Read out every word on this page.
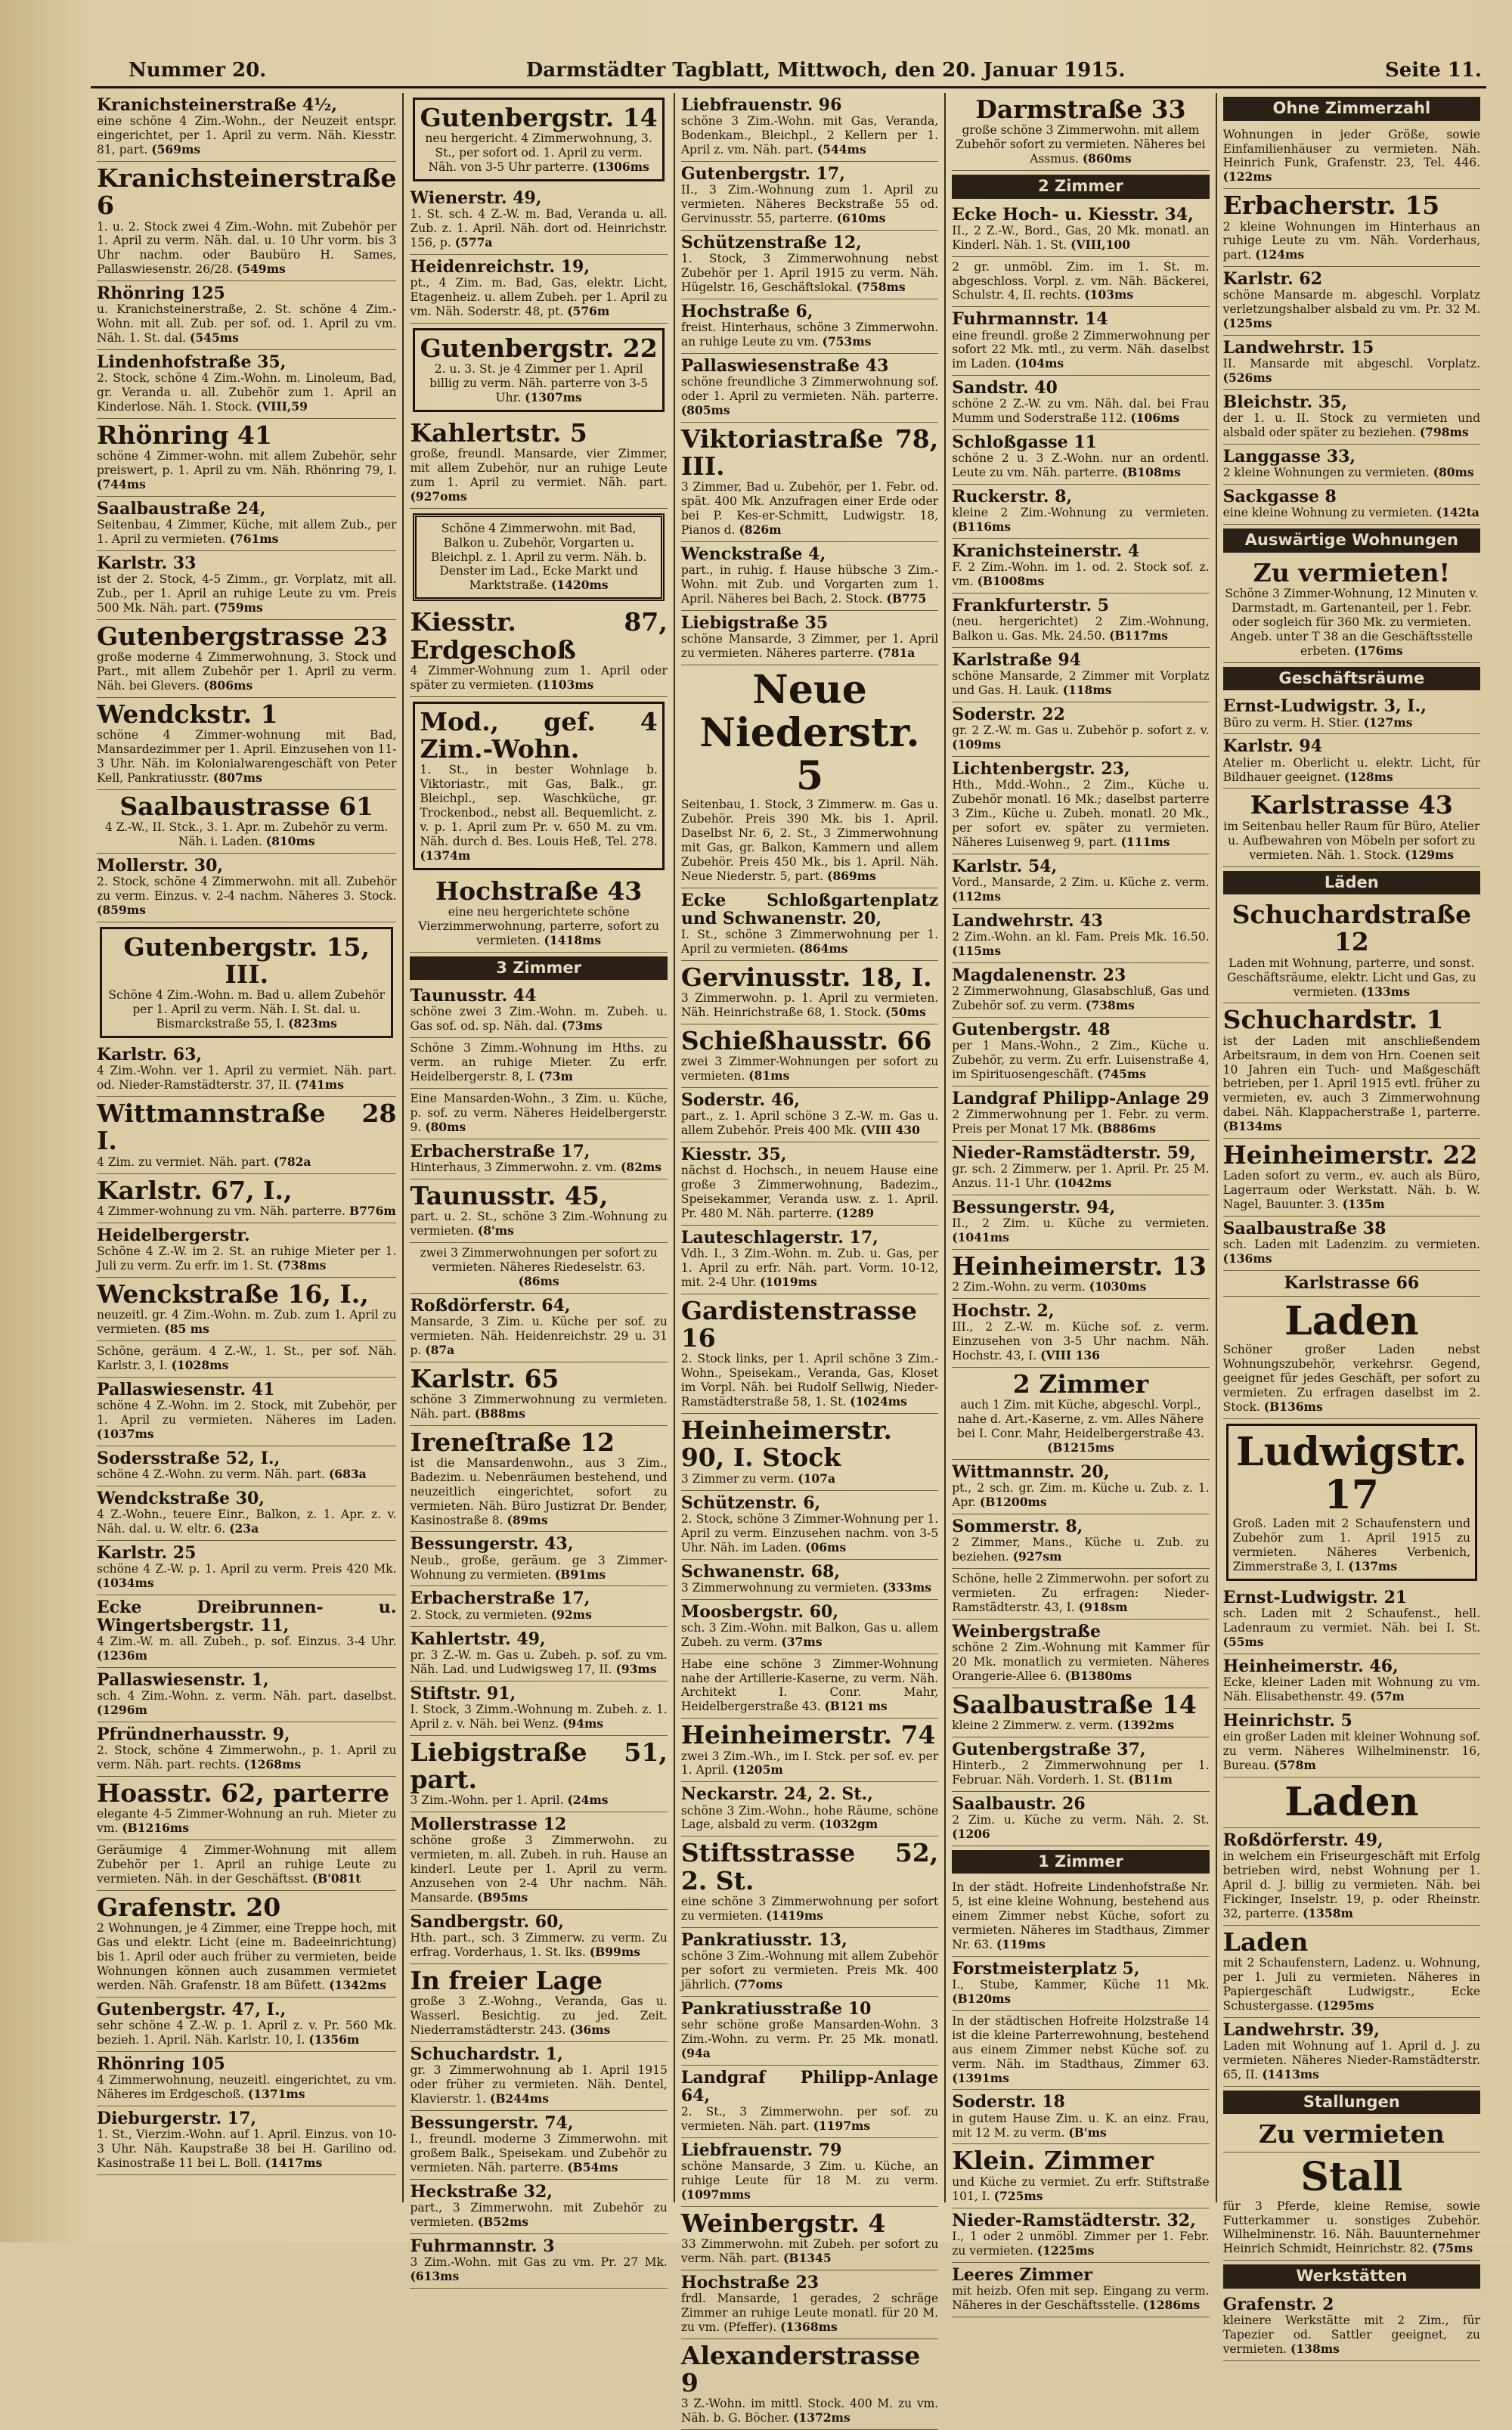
Nummer 20.	Darmstädter Tagblatt, Mittwoch, den 20. Januar 1915.	Seite 11.
Kranichsteinerstraße 4½,
eine schöne 4 Zim.-Wohn., der Neuzeit entspr. eingerichtet, per 1. April zu verm. Näh. Kiesstr. 81, part. (569ms
Kranichsteinerstraße 6
1. u. 2. Stock zwei 4 Zim.-Wohn. mit Zubehör per 1. April zu verm. Näh. dal. u. 10 Uhr vorm. bis 3 Uhr nachm. oder Baubüro H. Sames, Pallaswiesenstr. 26/28. (549ms
Rhönring 125
u. Kranichsteinerstraße, 2. St. schöne 4 Zim.-Wohn. mit all. Zub. per sof. od. 1. April zu vm. Näh. 1. St. dal. (545ms
Lindenhofstraße 35,
2. Stock, schöne 4 Zim.-Wohn. m. Linoleum, Bad, gr. Veranda u. all. Zubehör zum 1. April an Kinderlose. Näh. 1. Stock. (VIII,59
Rhönring 41
schöne 4 Zimmer-wohn. mit allem Zubehör, sehr preiswert, p. 1. April zu vm. Näh. Rhönring 79, I. (744ms
Saalbaustraße 24,
Seitenbau, 4 Zimmer, Küche, mit allem Zub., per 1. April zu vermieten. (761ms
Karlstr. 33
ist der 2. Stock, 4-5 Zimm., gr. Vorplatz, mit all. Zub., per 1. April an ruhige Leute zu vm. Preis 500 Mk. Näh. part. (759ms
Gutenbergstrasse 23
große moderne 4 Zimmerwohnung, 3. Stock und Part., mit allem Zubehör per 1. April zu verm. Näh. bei Glevers. (806ms
Wendckstr. 1
schöne 4 Zimmer-wohnung mit Bad, Mansardezimmer per 1. April. Einzusehen von 11-3 Uhr. Näh. im Kolonialwarengeschäft von Peter Kell, Pankratiusstr. (807ms
Saalbaustrasse 61
4 Z.-W., II. Stck., 3. 1. Apr. m. Zubehör zu verm. Näh. i. Laden. (810ms
Mollerstr. 30,
2. Stock, schöne 4 Zimmerwohn. mit all. Zubehör zu verm. Einzus. v. 2-4 nachm. Näheres 3. Stock. (859ms
Gutenbergstr. 15, III.
Schöne 4 Zim.-Wohn. m. Bad u. allem Zubehör per 1. April zu verm. Näh. I. St. dal. u. Bismarckstraße 55, I. (823ms
Karlstr. 63,
4 Zim.-Wohn. ver 1. April zu vermiet. Näh. part. od. Nieder-Ramstädterstr. 37, II. (741ms
Wittmannstraße 28 I.
4 Zim. zu vermiet. Näh. part. (782a
Karlstr. 67, I.,
4 Zimmer-wohnung zu vm. Näh. parterre. B776m
Heidelbergerstr.
Schöne 4 Z.-W. im 2. St. an ruhige Mieter per 1. Juli zu verm. Zu erfr. im 1. St. (738ms
Wenckstraße 16, I.,
neuzeitl. gr. 4 Zim.-Wohn. m. Zub. zum 1. April zu vermieten. (85 ms
Schöne, geräum. 4 Z.-W., 1. St., per sof. Näh. Karlstr. 3, I. (1028ms
Pallaswiesenstr. 41
schöne 4 Z.-Wohn. im 2. Stock, mit Zubehör, per 1. April zu vermieten. Näheres im Laden. (1037ms
Sodersstraße 52, I.,
schöne 4 Z.-Wohn. zu verm. Näh. part. (683a
Wendckstraße 30,
4 Z.-Wohn., teuere Einr., Balkon, z. 1. Apr. z. v. Näh. dal. u. W. eltr. 6. (23a
Karlstr. 25
schöne 4 Z.-W. p. 1. April zu verm. Preis 420 Mk. (1034ms
Ecke Dreibrunnen- u. Wingertsbergstr. 11,
4 Zim.-W. m. all. Zubeh., p. sof. Einzus. 3-4 Uhr. (1236m
Pallaswiesenstr. 1,
sch. 4 Zim.-Wohn. z. verm. Näh. part. daselbst. (1296m
Pfründnerhausstr. 9,
2. Stock, schöne 4 Zimmerwohn., p. 1. April zu verm. Näh. part. rechts. (1268ms
Hoasstr. 62, parterre
elegante 4-5 Zimmer-Wohnung an ruh. Mieter zu vm. (B1216ms
Geräumige 4 Zimmer-Wohnung mit allem Zubehör per 1. April an ruhige Leute zu vermieten. Näh. in der Geschäftsst. (B'081t
Grafenstr. 20
2 Wohnungen, je 4 Zimmer, eine Treppe hoch, mit Gas und elektr. Licht (eine m. Badeeinrichtung) bis 1. April oder auch früher zu vermieten, beide Wohnungen können auch zusammen vermietet werden. Näh. Grafenstr. 18 am Büfett. (1342ms
Gutenbergstr. 47, I.,
sehr schöne 4 Z.-W. p. 1. April z. v. Pr. 560 Mk. bezieh. 1. April. Näh. Karlstr. 10, I. (1356m
Rhönring 105
4 Zimmerwohnung, neuzeitl. eingerichtet, zu vm. Näheres im Erdgeschoß. (1371ms
Dieburgerstr. 17,
1. St., Vierzim.-Wohn. auf 1. April. Einzus. von 10-3 Uhr. Näh. Kaupstraße 38 bei H. Garilino od. Kasinostraße 11 bei L. Boll. (1417ms
Gutenbergstr. 14
neu hergericht. 4 Zimmerwohnung, 3. St., per sofort od. 1. April zu verm. Näh. von 3-5 Uhr parterre. (1306ms
Wienerstr. 49,
1. St. sch. 4 Z.-W. m. Bad, Veranda u. all. Zub. z. 1. April. Näh. dort od. Heinrichstr. 156, p. (577a
Heidenreichstr. 19,
pt., 4 Zim. m. Bad, Gas, elektr. Licht, Etagenheiz. u. allem Zubeh. per 1. April zu vm. Näh. Soderstr. 48, pt. (576m
Gutenbergstr. 22
2. u. 3. St. je 4 Zimmer per 1. April billig zu verm. Näh. parterre von 3-5 Uhr. (1307ms
Kahlertstr. 5
große, freundl. Mansarde, vier Zimmer, mit allem Zubehör, nur an ruhige Leute zum 1. April zu vermiet. Näh. part. (927oms
Schöne 4 Zimmerwohn. mit Bad, Balkon u. Zubehör, Vorgarten u. Bleichpl. z. 1. April zu verm. Näh. b. Denster im Lad., Ecke Markt und Marktstraße. (1420ms
Kiesstr. 87, Erdgeschoß
4 Zimmer-Wohnung zum 1. April oder später zu vermieten. (1103ms
Mod., gef. 4 Zim.-Wohn.
1. St., in bester Wohnlage b. Viktoriastr., mit Gas, Balk., gr. Bleichpl., sep. Waschküche, gr. Trockenbod., nebst all. Bequemlicht. z. v. p. 1. April zum Pr. v. 650 M. zu vm. Näh. durch d. Bes. Louis Heß, Tel. 278. (1374m
Hochstraße 43
eine neu hergerichtete schöne Vierzimmerwohnung, parterre, sofort zu vermieten. (1418ms
3 Zimmer
Taunusstr. 44
schöne zwei 3 Zim.-Wohn. m. Zubeh. u. Gas sof. od. sp. Näh. dal. (73ms
Schöne 3 Zimm.-Wohnung im Hths. zu verm. an ruhige Mieter. Zu erfr. Heidelbergerstr. 8, I. (73m
Eine Mansarden-Wohn., 3 Zim. u. Küche, p. sof. zu verm. Näheres Heidelbergerstr. 9. (80ms
Erbacherstraße 17,
Hinterhaus, 3 Zimmerwohn. z. vm. (82ms
Taunusstr. 45,
part. u. 2. St., schöne 3 Zim.-Wohnung zu vermieten. (8'ms
zwei 3 Zimmerwohnungen per sofort zu vermieten. Näheres Riedeselstr. 63. (86ms
Roßdörferstr. 64,
Mansarde, 3 Zim. u. Küche per sof. zu vermieten. Näh. Heidenreichstr. 29 u. 31 p. (87a
Karlstr. 65
schöne 3 Zimmerwohnung zu vermieten. Näh. part. (B88ms
Ireneſtraße 12
ist die Mansardenwohn., aus 3 Zim., Badezim. u. Nebenräumen bestehend, und neuzeitlich eingerichtet, sofort zu vermieten. Näh. Büro Justizrat Dr. Bender, Kasinostraße 8. (89ms
Bessungerstr. 43,
Neub., große, geräum. ge 3 Zimmer-Wohnung zu vermieten. (B91ms
Erbacherstraße 17,
2. Stock, zu vermieten. (92ms
Kahlertstr. 49,
pr. 3 Z.-W. m. Gas u. Zubeh. p. sof. zu vm. Näh. Lad. und Ludwigsweg 17, II. (93ms
Stiftstr. 91,
I. Stock, 3 Zimm.-Wohnung m. Zubeh. z. 1. April z. v. Näh. bei Wenz. (94ms
Liebigstraße 51, part.
3 Zim.-Wohn. per 1. April. (24ms
Mollerstrasse 12
schöne große 3 Zimmerwohn. zu vermieten, m. all. Zubeh. in ruh. Hause an kinderl. Leute per 1. April zu verm. Anzusehen von 2-4 Uhr nachm. Näh. Mansarde. (B95ms
Sandbergstr. 60,
Hth. part., sch. 3 Zimmerw. zu verm. Zu erfrag. Vorderhaus, 1. St. lks. (B99ms
In freier Lage
große 3 Z.-Wohng., Veranda, Gas u. Wasserl. Besichtig. zu jed. Zeit. Niederramstädterstr. 243. (36ms
Schuchardstr. 1,
gr. 3 Zimmerwohnung ab 1. April 1915 oder früher zu vermieten. Näh. Dentel, Klavierstr. 1. (B244ms
Bessungerstr. 74,
I., freundl. moderne 3 Zimmerwohn. mit großem Balk., Speisekam. und Zubehör zu vermieten. Näh. parterre. (B54ms
Heckstraße 32,
part., 3 Zimmerwohn. mit Zubehör zu vermieten. (B52ms
Fuhrmannstr. 3
3 Zim.-Wohn. mit Gas zu vm. Pr. 27 Mk. (613ms
Liebfrauenstr. 96
schöne 3 Zim.-Wohn. mit Gas, Veranda, Bodenkam., Bleichpl., 2 Kellern per 1. April z. vm. Näh. part. (544ms
Gutenbergstr. 17,
II., 3 Zim.-Wohnung zum 1. April zu vermieten. Näheres Beckstraße 55 od. Gervinusstr. 55, parterre. (610ms
Schützenstraße 12,
1. Stock, 3 Zimmerwohnung nebst Zubehör per 1. April 1915 zu verm. Näh. Hügelstr. 16, Geschäftslokal. (758ms
Hochstraße 6,
freist. Hinterhaus, schöne 3 Zimmerwohn. an ruhige Leute zu vm. (753ms
Pallaswiesenstraße 43
schöne freundliche 3 Zimmerwohnung sof. oder 1. April zu vermieten. Näh. parterre. (805ms
Viktoriastraße 78, III.
3 Zimmer, Bad u. Zubehör, per 1. Febr. od. spät. 400 Mk. Anzufragen einer Erde oder bei P. Kes-er-Schmitt, Ludwigstr. 18, Pianos d. (826m
Wenckstraße 4,
part., in ruhig. f. Hause hübsche 3 Zim.-Wohn. mit Zub. und Vorgarten zum 1. April. Näheres bei Bach, 2. Stock. (B775
Liebigstraße 35
schöne Mansarde, 3 Zimmer, per 1. April zu vermieten. Näheres parterre. (781a
Neue Niederstr. 5
Seitenbau, 1. Stock, 3 Zimmerw. m. Gas u. Zubehör. Preis 390 Mk. bis 1. April. Daselbst Nr. 6, 2. St., 3 Zimmerwohnung mit Gas, gr. Balkon, Kammern und allem Zubehör. Preis 450 Mk., bis 1. April. Näh. Neue Niederstr. 5, part. (869ms
Ecke Schloßgartenplatz und Schwanenstr. 20,
I. St., schöne 3 Zimmerwohnung per 1. April zu vermieten. (864ms
Gervinusstr. 18, I.
3 Zimmerwohn. p. 1. April zu vermieten. Näh. Heinrichstraße 68, 1. Stock. (50ms
Schießhausstr. 66
zwei 3 Zimmer-Wohnungen per sofort zu vermieten. (81ms
Soderstr. 46,
part., z. 1. April schöne 3 Z.-W. m. Gas u. allem Zubehör. Preis 400 Mk. (VIII 430
Kiesstr. 35,
nächst d. Hochsch., in neuem Hause eine große 3 Zimmerwohnung, Badezim., Speisekammer, Veranda usw. z. 1. April. Pr. 480 M. Näh. parterre. (1289
Lauteschlagerstr. 17,
Vdh. I., 3 Zim.-Wohn. m. Zub. u. Gas, per 1. April zu erfr. Näh. part. Vorm. 10-12, mit. 2-4 Uhr. (1019ms
Gardistenstrasse 16
2. Stock links, per 1. April schöne 3 Zim.-Wohn., Speisekam., Veranda, Gas, Kloset im Vorpl. Näh. bei Rudolf Sellwig, Nieder-Ramstädterstraße 58, 1. St. (1024ms
Heinheimerstr. 90, I. Stock
3 Zimmer zu verm. (107a
Schützenstr. 6,
2. Stock, schöne 3 Zimmer-Wohnung per 1. April zu verm. Einzusehen nachm. von 3-5 Uhr. Näh. im Laden. (06ms
Schwanenstr. 68,
3 Zimmerwohnung zu vermieten. (333ms
Moosbergstr. 60,
sch. 3 Zim.-Wohn. mit Balkon, Gas u. allem Zubeh. zu verm. (37ms
Habe eine schöne 3 Zimmer-Wohnung nahe der Artillerie-Kaserne, zu verm. Näh. Architekt I. Conr. Mahr, Heidelbergerstraße 43. (B121 ms
Heinheimerstr. 74
zwei 3 Zim.-Wh., im I. Stck. per sof. ev. per 1. April. (1205m
Neckarstr. 24, 2. St.,
schöne 3 Zim.-Wohn., hohe Räume, schöne Lage, alsbald zu verm. (1032gm
Stiftsstrasse 52, 2. St.
eine schöne 3 Zimmerwohnung per sofort zu vermieten. (1419ms
Pankratiusstr. 13,
schöne 3 Zim.-Wohnung mit allem Zubehör per sofort zu vermieten. Preis Mk. 400 jährlich. (77oms
Pankratiusstraße 10
sehr schöne große Mansarden-Wohn. 3 Zim.-Wohn. zu verm. Pr. 25 Mk. monatl. (94a
Landgraf Philipp-Anlage 64,
2. St., 3 Zimmerwohn. per sof. zu vermieten. Näh. part. (1197ms
Liebfrauenstr. 79
schöne Mansarde, 3 Zim. u. Küche, an ruhige Leute für 18 M. zu verm. (1097mms
Weinbergstr. 4
33 Zimmerwohn. mit Zubeh. per sofort zu verm. Näh. part. (B1345
Hochstraße 23
frdl. Mansarde, 1 gerades, 2 schräge Zimmer an ruhige Leute monatl. für 20 M. zu vm. (Pfeffer). (1368ms
Alexanderstrasse 9
3 Z.-Wohn. im mittl. Stock. 400 M. zu vm. Näh. b. G. Böcher. (1372ms
Darmstraße 33
große schöne 3 Zimmerwohn. mit allem Zubehör sofort zu vermieten. Näheres bei Assmus. (860ms
2 Zimmer
Ecke Hoch- u. Kiesstr. 34,
II., 2 Z.-W., Bord., Gas, 20 Mk. monatl. an Kinderl. Näh. 1. St. (VIII,100
2 gr. unmöbl. Zim. im 1. St. m. abgeschloss. Vorpl. z. vm. Näh. Bäckerei, Schulstr. 4, II. rechts. (103ms
Fuhrmannstr. 14
eine freundl. große 2 Zimmerwohnung per sofort 22 Mk. mtl., zu verm. Näh. daselbst im Laden. (104ms
Sandstr. 40
schöne 2 Z.-W. zu vm. Näh. dal. bei Frau Mumm und Soderstraße 112. (106ms
Schloßgasse 11
schöne 2 u. 3 Z.-Wohn. nur an ordentl. Leute zu vm. Näh. parterre. (B108ms
Ruckerstr. 8,
kleine 2 Zim.-Wohnung zu vermieten. (B116ms
Kranichsteinerstr. 4
F. 2 Zim.-Wohn. im 1. od. 2. Stock sof. z. vm. (B1008ms
Frankfurterstr. 5
(neu. hergerichtet) 2 Zim.-Wohnung, Balkon u. Gas. Mk. 24.50. (B117ms
Karlstraße 94
schöne Mansarde, 2 Zimmer mit Vorplatz und Gas. H. Lauk. (118ms
Soderstr. 22
gr. 2 Z.-W. m. Gas u. Zubehör p. sofort z. v. (109ms
Lichtenbergstr. 23,
Hth., Mdd.-Wohn., 2 Zim., Küche u. Zubehör monatl. 16 Mk.; daselbst parterre 3 Zim., Küche u. Zubeh. monatl. 20 Mk., per sofort ev. später zu vermieten. Näheres Luisenweg 9, part. (111ms
Karlstr. 54,
Vord., Mansarde, 2 Zim. u. Küche z. verm. (112ms
Landwehrstr. 43
2 Zim.-Wohn. an kl. Fam. Preis Mk. 16.50. (115ms
Magdalenenstr. 23
2 Zimmerwohnung, Glasabschluß, Gas und Zubehör sof. zu verm. (738ms
Gutenbergstr. 48
per 1 Mans.-Wohn., 2 Zim., Küche u. Zubehör, zu verm. Zu erfr. Luisenstraße 4, im Spirituosengeschäft. (745ms
Landgraf Philipp-Anlage 29
2 Zimmerwohnung per 1. Febr. zu verm. Preis per Monat 17 Mk. (B886ms
Nieder-Ramstädterstr. 59,
gr. sch. 2 Zimmerw. per 1. April. Pr. 25 M. Anzus. 11-1 Uhr. (1042ms
Bessungerstr. 94,
II., 2 Zim. u. Küche zu vermieten. (1041ms
Heinheimerstr. 13
2 Zim.-Wohn. zu verm. (1030ms
Hochstr. 2,
III., 2 Z.-W. m. Küche sof. z. verm. Einzusehen von 3-5 Uhr nachm. Näh. Hochstr. 43, I. (VIII 136
2 Zimmer
auch 1 Zim. mit Küche, abgeschl. Vorpl., nahe d. Art.-Kaserne, z. vm. Alles Nähere bei I. Conr. Mahr, Heidelbergerstraße 43. (B1215ms
Wittmannstr. 20,
pt., 2 sch. gr. Zim. m. Küche u. Zub. z. 1. Apr. (B1200ms
Sommerstr. 8,
2 Zimmer, Mans., Küche u. Zub. zu beziehen. (927sm
Schöne, helle 2 Zimmerwohn. per sofort zu vermieten. Zu erfragen: Nieder-Ramstädterstr. 43, I. (918sm
Weinbergstraße
schöne 2 Zim.-Wohnung mit Kammer für 20 Mk. monatlich zu vermieten. Näheres Orangerie-Allee 6. (B1380ms
Saalbaustraße 14
kleine 2 Zimmerw. z. verm. (1392ms
Gutenbergstraße 37,
Hinterb., 2 Zimmerwohnung per 1. Februar. Näh. Vorderh. 1. St. (B11m
Saalbaustr. 26
2 Zim. u. Küche zu verm. Näh. 2. St. (1206
1 Zimmer
In der städt. Hofreite Lindenhofstraße Nr. 5, ist eine kleine Wohnung, bestehend aus einem Zimmer nebst Küche, sofort zu vermieten. Näheres im Stadthaus, Zimmer Nr. 63. (119ms
Forstmeisterplatz 5,
I., Stube, Kammer, Küche 11 Mk. (B120ms
In der städtischen Hofreite Holzstraße 14 ist die kleine Parterrewohnung, bestehend aus einem Zimmer nebst Küche sof. zu verm. Näh. im Stadthaus, Zimmer 63. (1391ms
Soderstr. 18
in gutem Hause Zim. u. K. an einz. Frau, mit 12 M. zu verm. (B'ms
Klein. Zimmer
und Küche zu vermiet. Zu erfr. Stiftstraße 101, I. (725ms
Nieder-Ramstädterstr. 32,
I., 1 oder 2 unmöbl. Zimmer per 1. Febr. zu vermieten. (1225ms
Leeres Zimmer
mit heizb. Ofen mit sep. Eingang zu verm. Näheres in der Geschäftsstelle. (1286ms
Ohne Zimmerzahl
Wohnungen in jeder Größe, sowie Einfamilienhäuser zu vermieten. Näh. Heinrich Funk, Grafenstr. 23, Tel. 446. (122ms
Erbacherstr. 15
2 kleine Wohnungen im Hinterhaus an ruhige Leute zu vm. Näh. Vorderhaus, part. (124ms
Karlstr. 62
schöne Mansarde m. abgeschl. Vorplatz verletzungshalber alsbald zu vm. Pr. 32 M. (125ms
Landwehrstr. 15
II. Mansarde mit abgeschl. Vorplatz. (526ms
Bleichstr. 35,
der 1. u. II. Stock zu vermieten und alsbald oder später zu beziehen. (798ms
Langgasse 33,
2 kleine Wohnungen zu vermieten. (80ms
Sackgasse 8
eine kleine Wohnung zu vermieten. (142ta
Auswärtige Wohnungen
Zu vermieten!
Schöne 3 Zimmer-Wohnung, 12 Minuten v. Darmstadt, m. Gartenanteil, per 1. Febr. oder sogleich für 360 Mk. zu vermieten. Angeb. unter T 38 an die Geschäftsstelle erbeten. (176ms
Geschäftsräume
Ernst-Ludwigstr. 3, I.,
Büro zu verm. H. Stier. (127ms
Karlstr. 94
Atelier m. Oberlicht u. elektr. Licht, für Bildhauer geeignet. (128ms
Karlstrasse 43
im Seitenbau heller Raum für Büro, Atelier u. Aufbewahren von Möbeln per sofort zu vermieten. Näh. 1. Stock. (129ms
Läden
Schuchardstraße 12
Laden mit Wohnung, parterre, und sonst. Geschäftsräume, elektr. Licht und Gas, zu vermieten. (133ms
Schuchardstr. 1
ist der Laden mit anschließendem Arbeitsraum, in dem von Hrn. Coenen seit 10 Jahren ein Tuch- und Maßgeschäft betrieben, per 1. April 1915 evtl. früher zu vermieten, ev. auch 3 Zimmerwohnung dabei. Näh. Klappacherstraße 1, parterre. (B134ms
Heinheimerstr. 22
Laden sofort zu verm., ev. auch als Büro, Lagerraum oder Werkstatt. Näh. b. W. Nagel, Bauunter. 3. (135m
Saalbaustraße 38
sch. Laden mit Ladenzim. zu vermieten. (136ms
Karlstrasse 66
Laden
Schöner großer Laden nebst Wohnungszubehör, verkehrsr. Gegend, geeignet für jedes Geschäft, per sofort zu vermieten. Zu erfragen daselbst im 2. Stock. (B136ms
Ludwigstr. 17
Groß. Laden mit 2 Schaufenstern und Zubehör zum 1. April 1915 zu vermieten. Näheres Verbenich, Zimmerstraße 3, I. (137ms
Ernst-Ludwigstr. 21
sch. Laden mit 2 Schaufenst., hell. Ladenraum zu vermiet. Näh. bei I. St. (55ms
Heinheimerstr. 46,
Ecke, kleiner Laden mit Wohnung zu vm. Näh. Elisabethenstr. 49. (57m
Heinrichstr. 5
ein großer Laden mit kleiner Wohnung sof. zu verm. Näheres Wilhelminenstr. 16, Bureau. (578m
Laden
Roßdörferstr. 49,
in welchem ein Friseurgeschäft mit Erfolg betrieben wird, nebst Wohnung per 1. April d. J. billig zu vermieten. Näh. bei Fickinger, Inselstr. 19, p. oder Rheinstr. 32, parterre. (1358m
Laden
mit 2 Schaufenstern, Ladenz. u. Wohnung, per 1. Juli zu vermieten. Näheres in Papiergeschäft Ludwigstr., Ecke Schustergasse. (1295ms
Landwehrstr. 39,
Laden mit Wohnung auf 1. April d. J. zu vermieten. Näheres Nieder-Ramstädterstr. 65, II. (1413ms
Stallungen
Zu vermieten
Stall
für 3 Pferde, kleine Remise, sowie Futterkammer u. sonstiges Zubehör. Wilhelminenstr. 16. Näh. Bauunternehmer Heinrich Schmidt, Heinrichstr. 82. (75ms
Werkstätten
Grafenstr. 2
kleinere Werkstätte mit 2 Zim., für Tapezier od. Sattler geeignet, zu vermieten. (138ms
